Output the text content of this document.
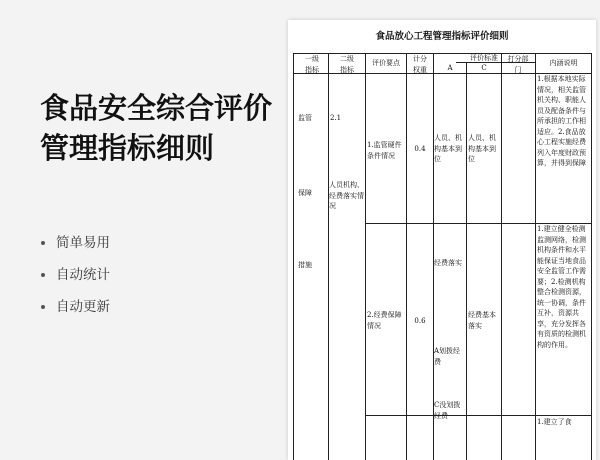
食品安全综合评价管理指标细则
简单易用
自动统计
自动更新
食品放心工程管理指标评价细则
一级指标
二级指标
评价要点	计分权重
评价标准
A	C
打分部门
内涵说明
监管
保障
措施
2.1
人员机构、经费落实情况
1.监管硬件条件情况
0.4
人员、机构基本到位
人员、机构基本到位
1.根据本地实际情况，相关监管机关构、职能人员及配备条件与所承担的工作相适应。2.食品放心工程实施经费列入年度财政预算，并得到保障
2.经费保障情况
0.6
经费落实
A划拨经费
C没划拨经费
经费基本落实
1.建立健全检测监测网络，检测机构条件和水平能保证当地食品安全监管工作需要；2.检测机构整合检测资源，统一协调，条件互补，资源共享，充分发挥各有资质的检测机构的作用。
1.建立了食
